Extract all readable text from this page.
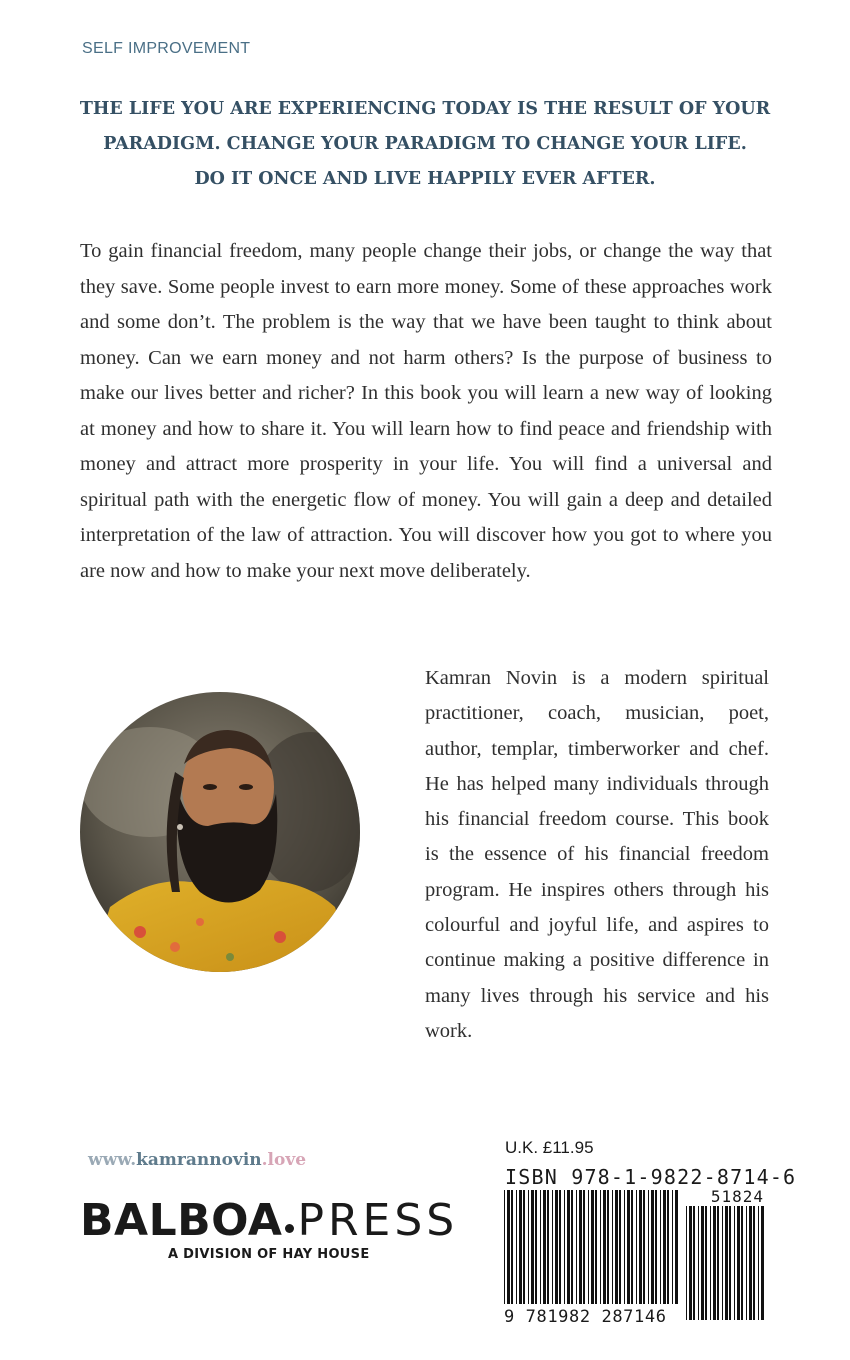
SELF IMPROVEMENT
THE LIFE YOU ARE EXPERIENCING TODAY IS THE RESULT OF YOUR
PARADIGM. CHANGE YOUR PARADIGM TO CHANGE YOUR LIFE.
DO IT ONCE AND LIVE HAPPILY EVER AFTER.

To gain financial freedom, many people change their jobs, or change the way that they save. Some people invest to earn more money. Some of these approaches work and some don’t. The problem is the way that we have been taught to think about money. Can we earn money and not harm others? Is the purpose of business to make our lives better and richer? In this book you will learn a new way of looking at money and how to share it. You will learn how to find peace and friendship with money and attract more prosperity in your life. You will find a universal and spiritual path with the energetic flow of money. You will gain a deep and detailed interpretation of the law of attraction. You will discover how you got to where you are now and how to make your next move deliberately.

Kamran Novin is a modern spiritual practitioner, coach, musician, poet, author, templar, timberworker and chef. He has helped many individuals through his financial freedom course. This book is the essence of his financial freedom program. He inspires others through his colourful and joyful life, and aspires to continue making a positive difference in many lives through his service and his work.

www.kamrannovin.love
BALBOA PRESS
A DIVISION OF HAY HOUSE
U.K. £11.95
ISBN 978-1-9822-8714-6
51824
9 781982 287146
